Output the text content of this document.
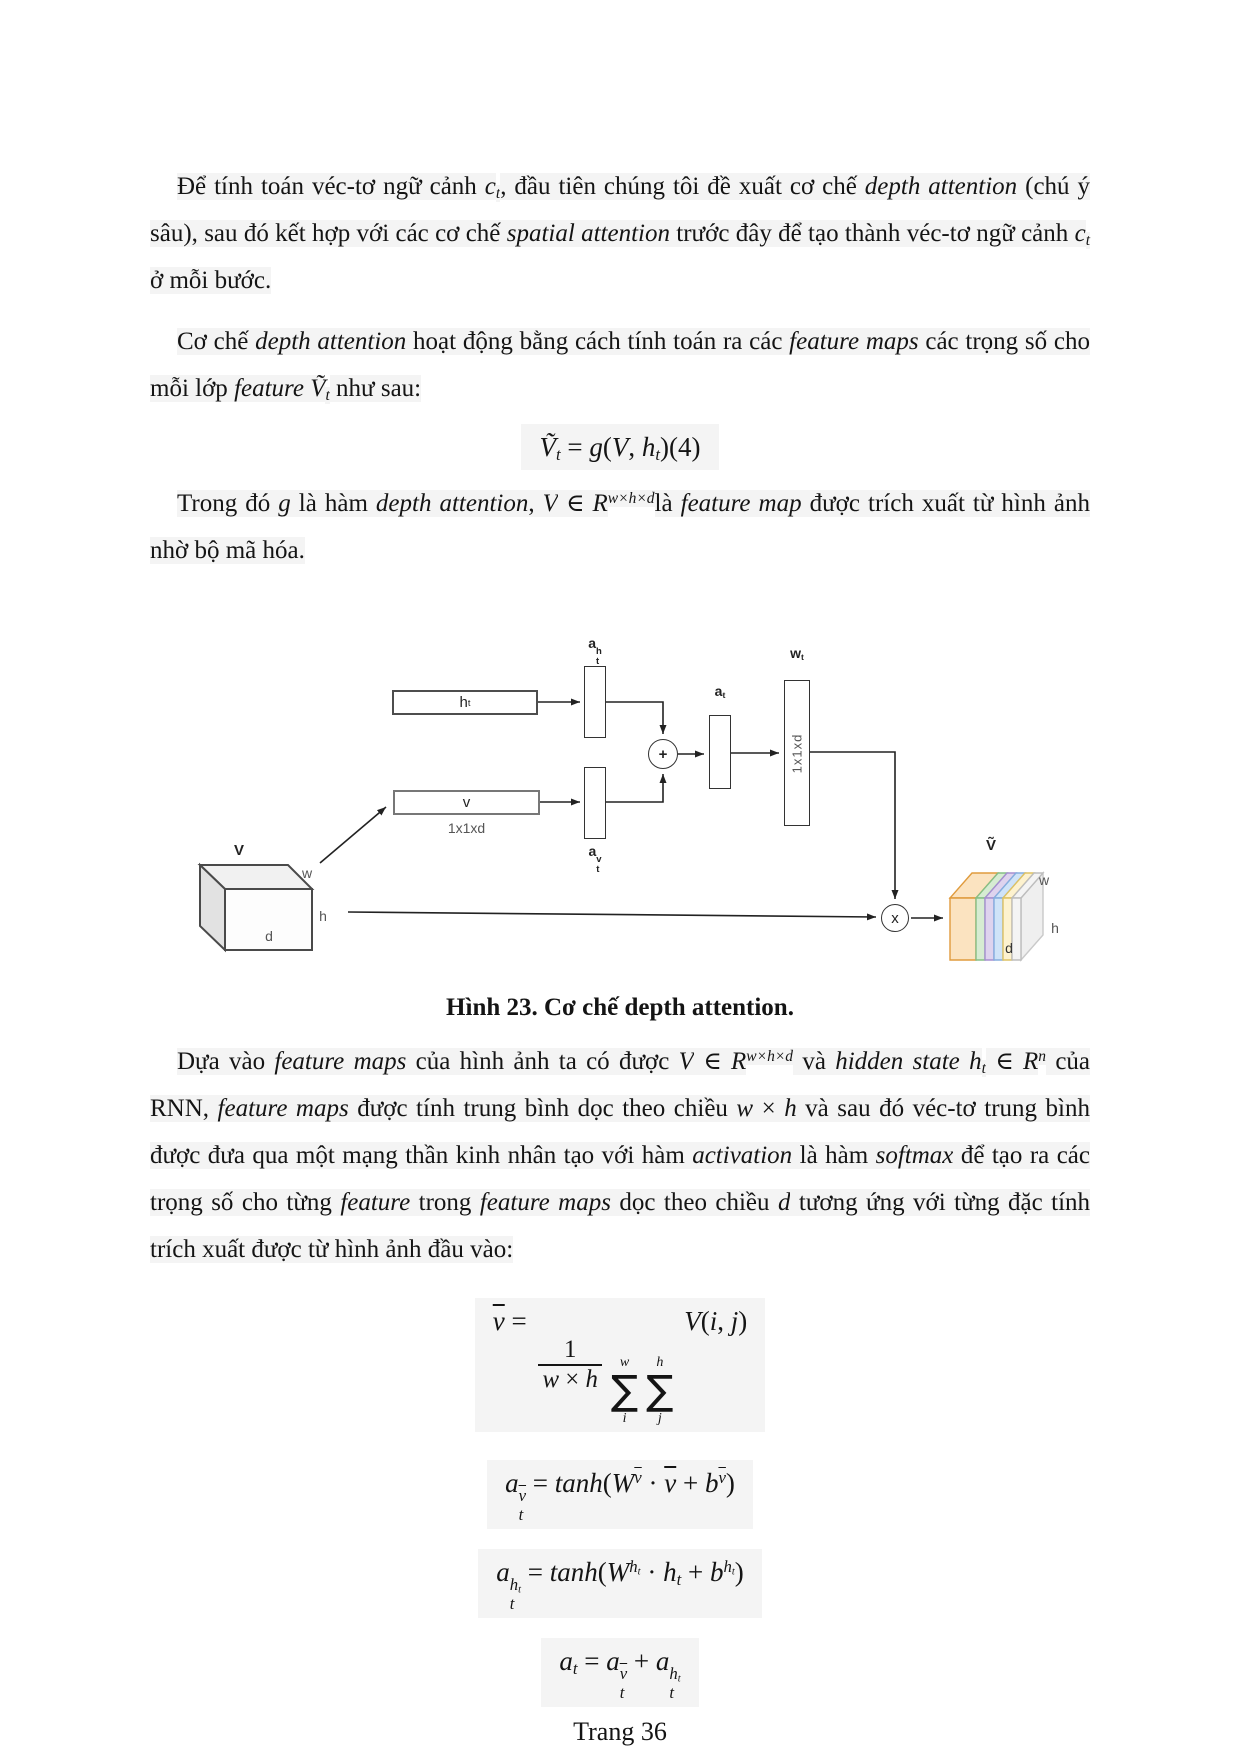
Để tính toán véc-tơ ngữ cảnh $c_t$, đầu tiên chúng tôi đề xuất cơ chế depth attention (chú ý sâu), sau đó kết hợp với các cơ chế spatial attention trước đây để tạo thành véc-tơ ngữ cảnh $c_t$ ở mỗi bước.

Cơ chế depth attention hoạt động bằng cách tính toán ra các feature maps các trọng số cho mỗi lớp feature Ṽ$_t$ như sau:

Ṽ$_t$ = g(V, $h_t)(4)$

Trong đó g là hàm depth attention, V ∈ $R^{w\times h\times d}là$ feature map được trích xuất từ hình ảnh nhờ bộ mã hóa.

h t
v
1x1xd
a h
t
a v
t
+
$a_t$
$w_t$
1x1xd
x
V
w
h
d
Ṽ
w
h
d

Hình 23. Cơ chế depth attention.

Dựa vào feature maps của hình ảnh ta có được V ∈ $R^{w\times h\times d}$ và hidden state $h_t$ ∈ $R^n$ của RNN, feature maps được tính trung bình dọc theo chiều w × h và sau đó véc-tơ trung bình được đưa qua một mạng thần kinh nhân tạo với hàm activation là hàm softmax để tạo ra các trọng số cho từng feature trong feature maps dọc theo chiều d tương ứng với từng đặc tính trích xuất được từ hình ảnh đầu vào:

$\overline{v}$ =
$\frac{1}{w \times h}$ w
∑
i
h
∑
j
V(i, j)
a $\overline{v}$
t
= $\tanh(W^{\overline{v}} \cdot \overline{v} + b^{\overline{v}})$
a $h_t$
t
= $\tanh(W^{h_t} \cdot h_t + b^{h_t})$
$a_t = a$ $\overline{v}$
t
+ a $h_t$
t

Trang 36
